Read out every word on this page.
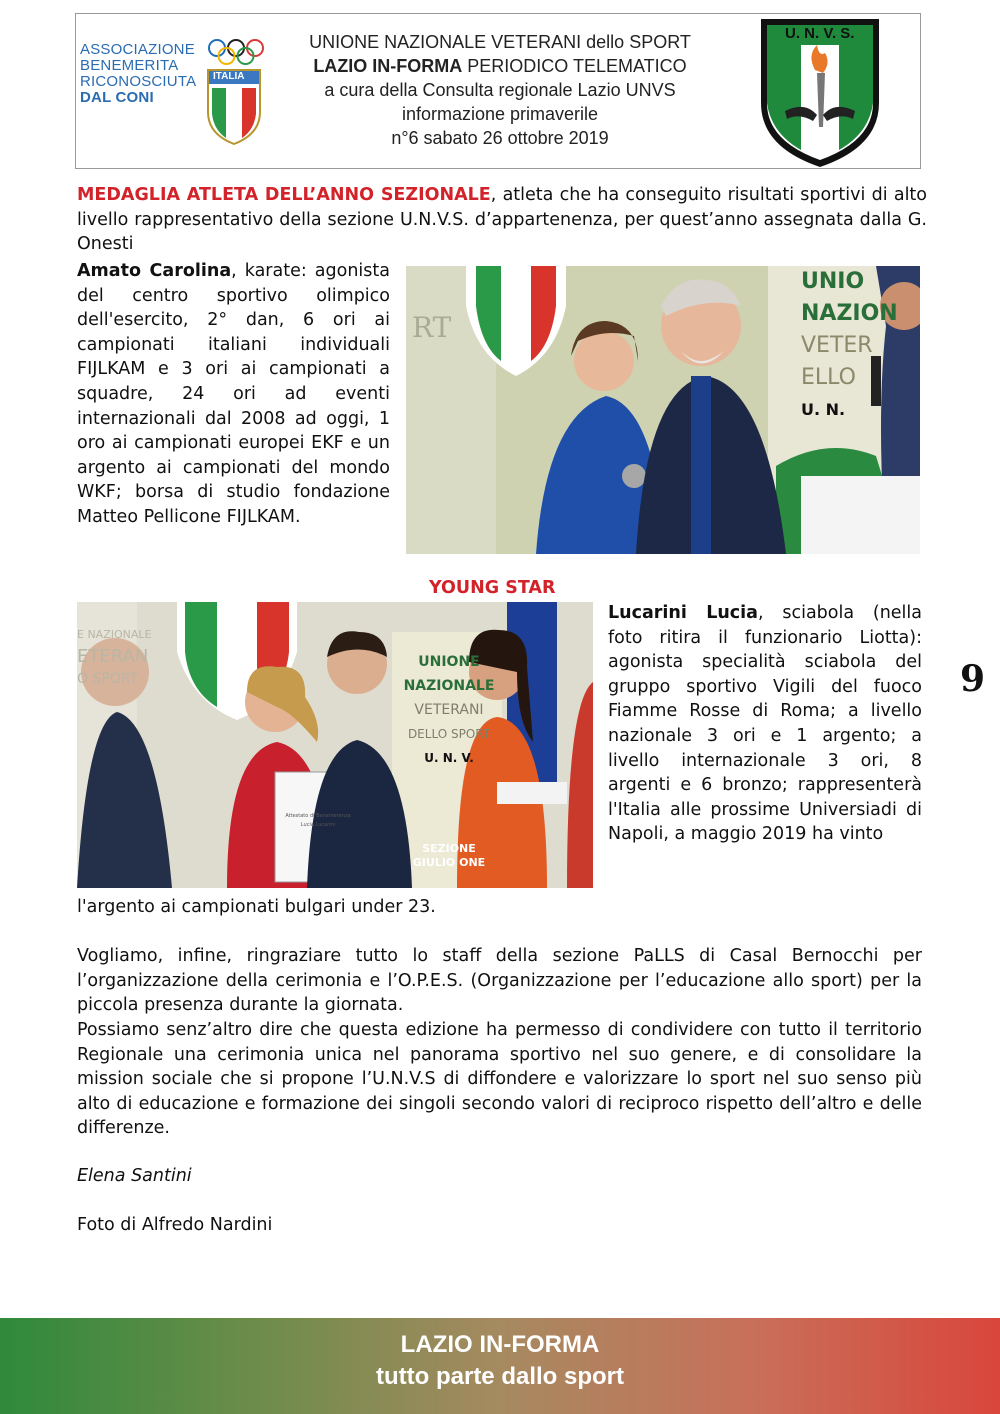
ASSOCIAZIONE
BENEMERITA
RICONOSCIUTA
DAL CONI
ITALIA
UNIONE NAZIONALE VETERANI dello SPORT
LAZIO IN-FORMA PERIODICO TELEMATICO
a cura della Consulta regionale Lazio UNVS
informazione primaverile
n°6 sabato 26 ottobre 2019
U. N. V. S.
MEDAGLIA ATLETA DELL’ANNO SEZIONALE, atleta che ha conseguito risultati sportivi di alto livello rappresentativo della sezione U.N.V.S. d’appartenenza, per quest’anno assegnata dalla G. Onesti
Amato Carolina, karate: agonista del centro sportivo olimpico dell'esercito, 2° dan, 6 ori ai campionati italiani individuali FIJLKAM e 3 ori ai campionati a squadre, 24 ori ad eventi internazionali dal 2008 ad oggi, 1 oro ai campionati europei EKF e un argento ai campionati del mondo WKF; borsa di studio fondazione Matteo Pellicone FIJLKAM.
UNIO
NAZION
VETER
ELLO
U. N.
RT
YOUNG STAR
UNIONE
NAZIONALE
VETERANI
DELLO SPORT
U. N. V.
SEZIONE
GIULIO ONE
E NAZIONALE
ETERAN
O SPORT
Attestato di Benemerenza
Lucia Lucarini
Lucarini Lucia, sciabola (nella foto ritira il funzionario Liotta): agonista specialità sciabola del gruppo sportivo Vigili del fuoco Fiamme Rosse di Roma; a livello nazionale 3 ori e 1 argento; a livello internazionale 3 ori, 8 argenti e 6 bronzo; rappresenterà l'Italia alle prossime Universiadi di Napoli, a maggio 2019 ha vinto
l'argento ai campionati bulgari under 23.
Vogliamo, infine, ringraziare tutto lo staff della sezione PaLLS di Casal Bernocchi per l’organizzazione della cerimonia e l’O.P.E.S. (Organizzazione per l’educazione allo sport) per la piccola presenza durante la giornata.
Possiamo senz’altro dire che questa edizione ha permesso di condividere con tutto il territorio Regionale una cerimonia unica nel panorama sportivo nel suo genere, e di consolidare la mission sociale che si propone l’U.N.V.S di diffondere e valorizzare lo sport nel suo senso più alto di educazione e formazione dei singoli secondo valori di reciproco rispetto dell’altro e delle differenze.
Elena Santini
Foto di Alfredo Nardini
9
LAZIO IN-FORMA
tutto parte dallo sport
